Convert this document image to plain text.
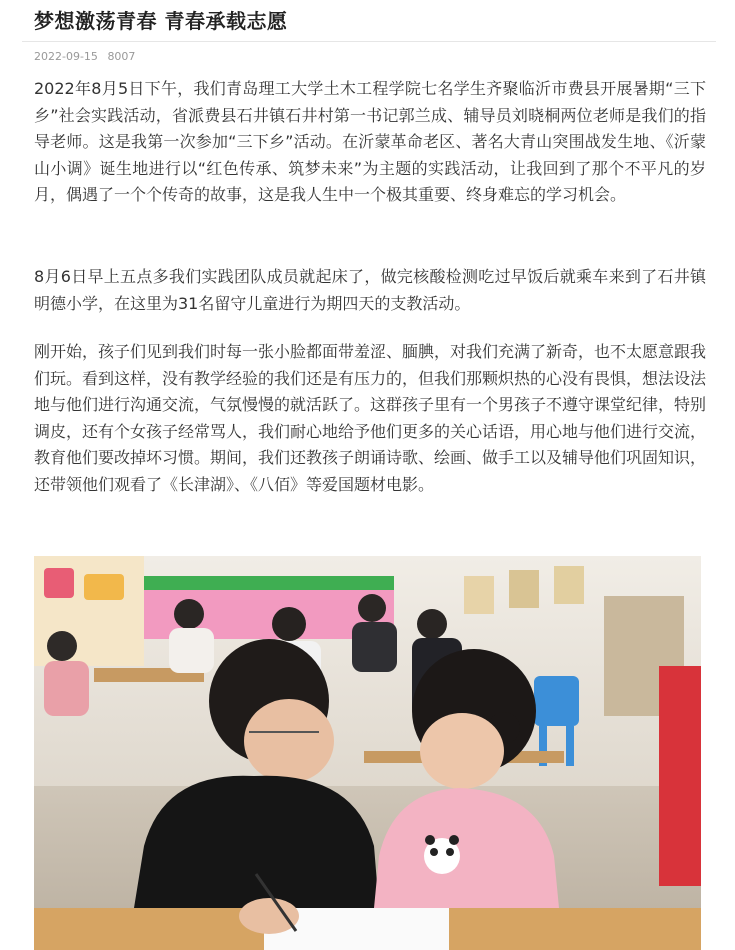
梦想激荡青春 青春承载志愿
2022-09-15 8007

2022年8月5日下午，我们青岛理工大学土木工程学院七名学生齐聚临沂市费县开展暑期“三下乡”社会实践活动，省派费县石井镇石井村第一书记郭兰成、辅导员刘晓桐两位老师是我们的指导老师。这是我第一次参加“三下乡”活动。在沂蒙革命老区、著名大青山突围战发生地、《沂蒙山小调》诞生地进行以“红色传承、筑梦未来”为主题的实践活动，让我回到了那个不平凡的岁月，偶遇了一个个传奇的故事，这是我人生中一个极其重要、终身难忘的学习机会。

8月6日早上五点多我们实践团队成员就起床了，做完核酸检测吃过早饭后就乘车来到了石井镇明德小学，在这里为31名留守儿童进行为期四天的支教活动。

刚开始，孩子们见到我们时每一张小脸都面带羞涩、腼腆，对我们充满了新奇，也不太愿意跟我们玩。看到这样，没有教学经验的我们还是有压力的，但我们那颗炽热的心没有畏惧，想法设法地与他们进行沟通交流，气氛慢慢的就活跃了。这群孩子里有一个男孩子不遵守课堂纪律，特别调皮，还有个女孩子经常骂人，我们耐心地给予他们更多的关心话语，用心地与他们进行交流，教育他们要改掉坏习惯。期间，我们还教孩子朗诵诗歌、绘画、做手工以及辅导他们巩固知识，还带领他们观看了《长津湖》、《八佰》等爱国题材电影。
